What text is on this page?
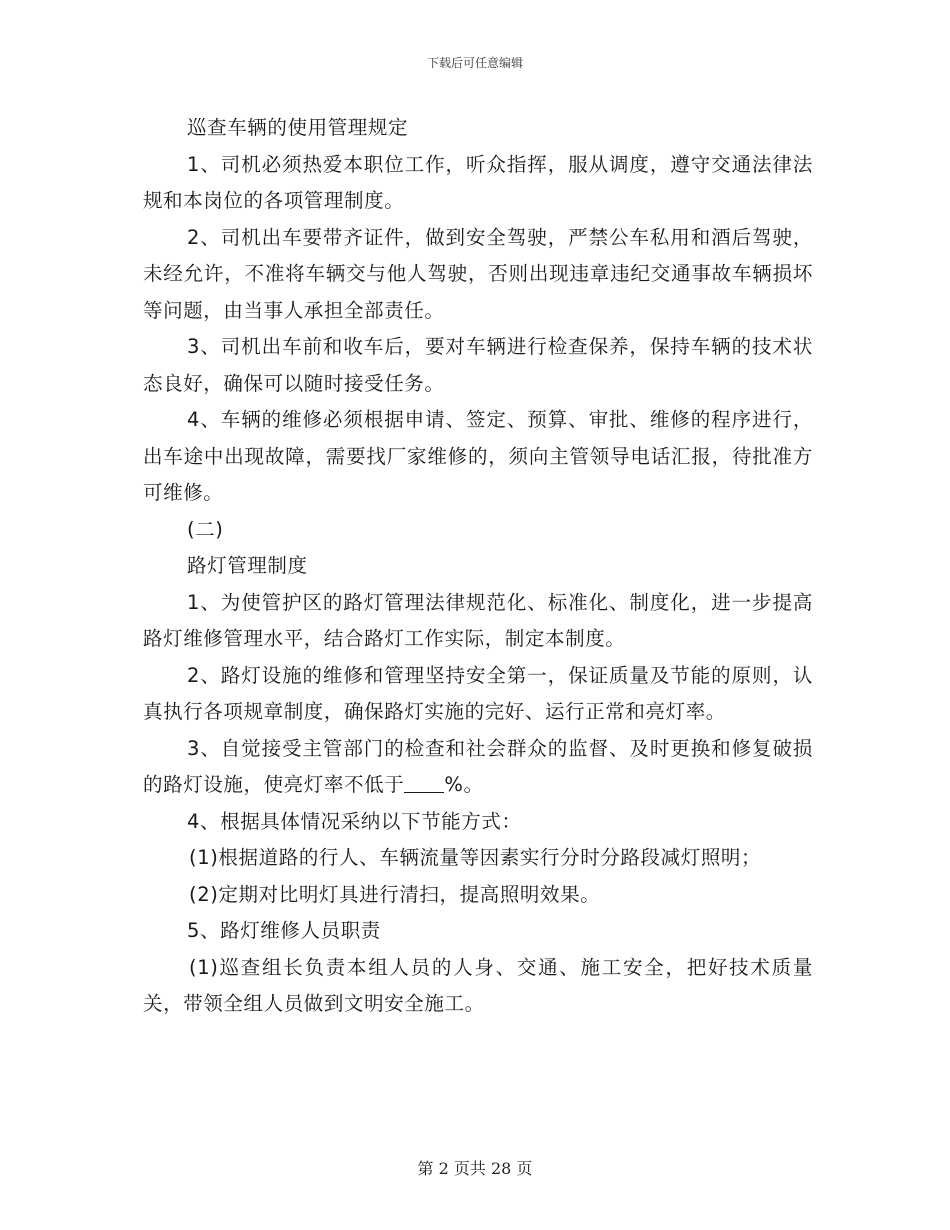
下载后可任意编辑

巡查车辆的使用管理规定

1、司机必须热爱本职位工作，听众指挥，服从调度，遵守交通法律法规和本岗位的各项管理制度。

2、司机出车要带齐证件，做到安全驾驶，严禁公车私用和酒后驾驶，未经允许，不准将车辆交与他人驾驶，否则出现违章违纪交通事故车辆损坏等问题，由当事人承担全部责任。

3、司机出车前和收车后，要对车辆进行检查保养，保持车辆的技术状态良好，确保可以随时接受任务。

4、车辆的维修必须根据申请、签定、预算、审批、维修的程序进行，出车途中出现故障，需要找厂家维修的，须向主管领导电话汇报，待批准方可维修。

(二)

路灯管理制度

1、为使管护区的路灯管理法律规范化、标准化、制度化，进一步提高路灯维修管理水平，结合路灯工作实际，制定本制度。

2、路灯设施的维修和管理坚持安全第一，保证质量及节能的原则，认真执行各项规章制度，确保路灯实施的完好、运行正常和亮灯率。

3、自觉接受主管部门的检查和社会群众的监督、及时更换和修复破损的路灯设施，使亮灯率不低于 %。

4、根据具体情况采纳以下节能方式：

(1)根据道路的行人、车辆流量等因素实行分时分路段减灯照明；

(2)定期对比明灯具进行清扫，提高照明效果。

5、路灯维修人员职责

(1)巡查组长负责本组人员的人身、交通、施工安全，把好技术质量关，带领全组人员做到文明安全施工。

第 2 页共 28 页
